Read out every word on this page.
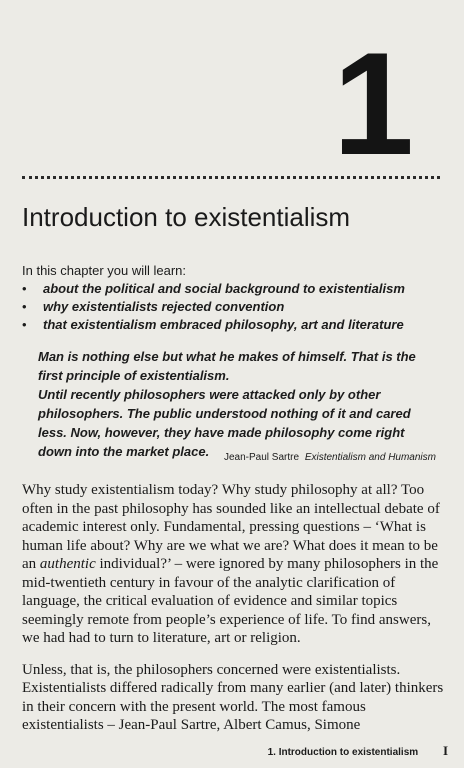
1
Introduction to existentialism
In this chapter you will learn:
• about the political and social background to existentialism
• why existentialists rejected convention
• that existentialism embraced philosophy, art and literature

Man is nothing else but what he makes of himself. That is the first principle of existentialism.

Until recently philosophers were attacked only by other philosophers. The public understood nothing of it and cared less. Now, however, they have made philosophy come right down into the market place.	Jean-Paul Sartre Existentialism and Humanism

Why study existentialism today? Why study philosophy at all? Too often in the past philosophy has sounded like an intellectual debate of academic interest only. Fundamental, pressing questions – ‘What is human life about? Why are we what we are? What does it mean to be an authentic individual?’ – were ignored by many philosophers in the mid-twentieth century in favour of the analytic clarification of language, the critical evaluation of evidence and similar topics seemingly remote from people’s experience of life. To find answers, we had had to turn to literature, art or religion.

Unless, that is, the philosophers concerned were existentialists. Existentialists differed radically from many earlier (and later) thinkers in their concern with the present world. The most famous existentialists – Jean-Paul Sartre, Albert Camus, Simone

1. Introduction to existentialism I
